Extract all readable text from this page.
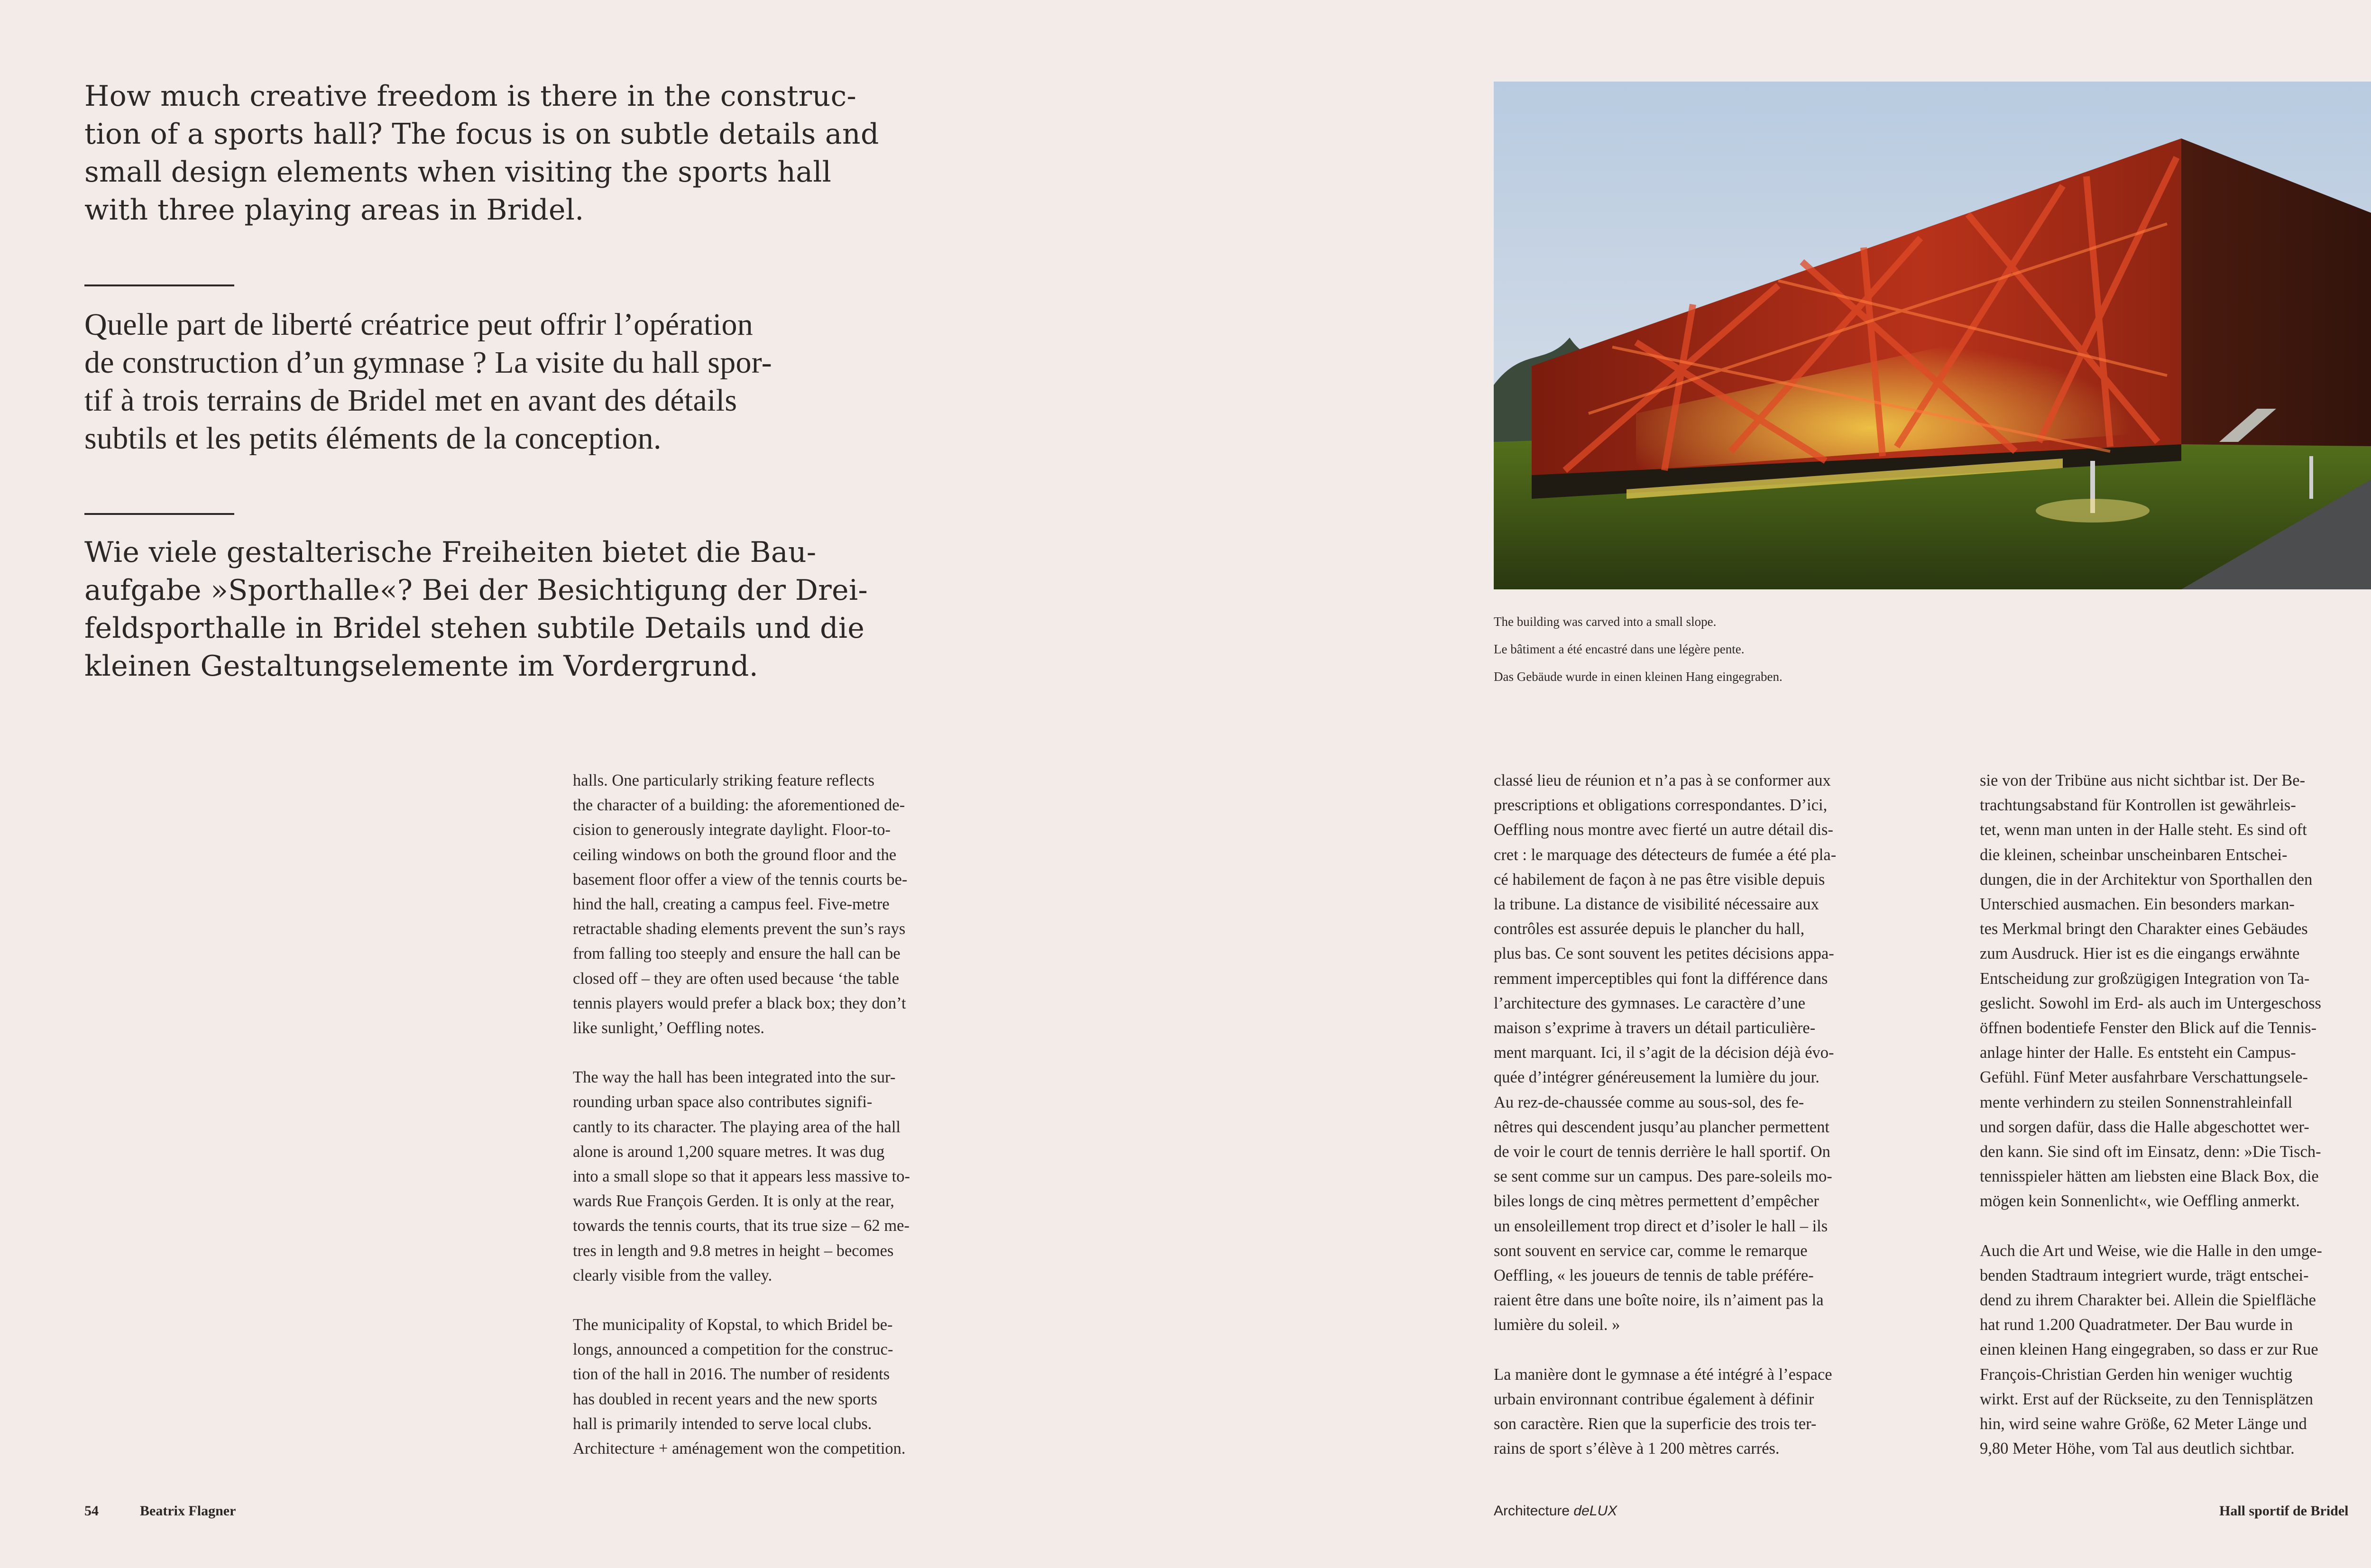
How much creative freedom is there in the construc-
tion of a sports hall? The focus is on subtle details and
small design elements when visiting the sports hall
with three playing areas in Bridel.
Quelle part de liberté créatrice peut offrir l’opération
de construction d’un gymnase ? La visite du hall spor-
tif à trois terrains de Bridel met en avant des détails
subtils et les petits éléments de la conception.
Wie viele gestalterische Freiheiten bietet die Bau-
aufgabe »Sporthalle«? Bei der Besichtigung der Drei-
feldsporthalle in Bridel stehen subtile Details und die
kleinen Gestaltungselemente im Vordergrund.
The building was carved into a small slope.
Le bâtiment a été encastré dans une légère pente.
Das Gebäude wurde in einen kleinen Hang eingegraben.
halls. One particularly striking feature reflects
the character of a building: the aforementioned de-
cision to generously integrate daylight. Floor-to-
ceiling windows on both the ground floor and the
basement floor offer a view of the tennis courts be-
hind the hall, creating a campus feel. Five-metre
retractable shading elements prevent the sun’s rays
from falling too steeply and ensure the hall can be
closed off – they are often used because ‘the table
tennis players would prefer a black box; they don’t
like sunlight,’ Oeffling notes.
The way the hall has been integrated into the sur-
rounding urban space also contributes signifi-
cantly to its character. The playing area of the hall
alone is around 1,200 square metres. It was dug
into a small slope so that it appears less massive to-
wards Rue François Gerden. It is only at the rear,
towards the tennis courts, that its true size – 62 me-
tres in length and 9.8 metres in height – becomes
clearly visible from the valley.
The municipality of Kopstal, to which Bridel be-
longs, announced a competition for the construc-
tion of the hall in 2016. The number of residents
has doubled in recent years and the new sports
hall is primarily intended to serve local clubs.
Architecture + aménagement won the competition.
classé lieu de réunion et n’a pas à se conformer aux
prescriptions et obligations correspondantes. D’ici,
Oeffling nous montre avec fierté un autre détail dis-
cret : le marquage des détecteurs de fumée a été pla-
cé habilement de façon à ne pas être visible depuis
la tribune. La distance de visibilité nécessaire aux
contrôles est assurée depuis le plancher du hall,
plus bas. Ce sont souvent les petites décisions appa-
remment imperceptibles qui font la différence dans
l’architecture des gymnases. Le caractère d’une
maison s’exprime à travers un détail particulière-
ment marquant. Ici, il s’agit de la décision déjà évo-
quée d’intégrer généreusement la lumière du jour.
Au rez-de-chaussée comme au sous-sol, des fe-
nêtres qui descendent jusqu’au plancher permettent
de voir le court de tennis derrière le hall sportif. On
se sent comme sur un campus. Des pare-soleils mo-
biles longs de cinq mètres permettent d’empêcher
un ensoleillement trop direct et d’isoler le hall – ils
sont souvent en service car, comme le remarque
Oeffling, « les joueurs de tennis de table préfére-
raient être dans une boîte noire, ils n’aiment pas la
lumière du soleil. »
La manière dont le gymnase a été intégré à l’espace
urbain environnant contribue également à définir
son caractère. Rien que la superficie des trois ter-
rains de sport s’élève à 1 200 mètres carrés.
sie von der Tribüne aus nicht sichtbar ist. Der Be-
trachtungsabstand für Kontrollen ist gewährleis-
tet, wenn man unten in der Halle steht. Es sind oft
die kleinen, scheinbar unscheinbaren Entschei-
dungen, die in der Architektur von Sporthallen den
Unterschied ausmachen. Ein besonders markan-
tes Merkmal bringt den Charakter eines Gebäudes
zum Ausdruck. Hier ist es die eingangs erwähnte
Entscheidung zur großzügigen Integration von Ta-
geslicht. Sowohl im Erd- als auch im Untergeschoss
öffnen bodentiefe Fenster den Blick auf die Tennis-
anlage hinter der Halle. Es entsteht ein Campus-
Gefühl. Fünf Meter ausfahrbare Verschattungsele-
mente verhindern zu steilen Sonnenstrahleinfall
und sorgen dafür, dass die Halle abgeschottet wer-
den kann. Sie sind oft im Einsatz, denn: »Die Tisch-
tennisspieler hätten am liebsten eine Black Box, die
mögen kein Sonnenlicht«, wie Oeffling anmerkt.
Auch die Art und Weise, wie die Halle in den umge-
benden Stadtraum integriert wurde, trägt entschei-
dend zu ihrem Charakter bei. Allein die Spielfläche
hat rund 1.200 Quadratmeter. Der Bau wurde in
einen kleinen Hang eingegraben, so dass er zur Rue
François-Christian Gerden hin weniger wuchtig
wirkt. Erst auf der Rückseite, zu den Tennisplätzen
hin, wird seine wahre Größe, 62 Meter Länge und
9,80 Meter Höhe, vom Tal aus deutlich sichtbar.
54	Beatrix Flagner	Architecture deLUX	Hall sportif de Bridel
